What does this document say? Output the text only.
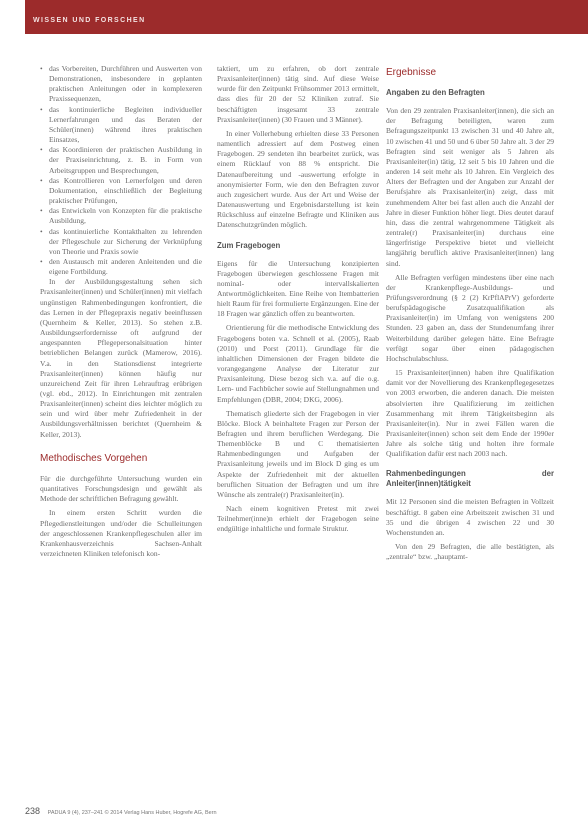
WISSEN UND FORSCHEN
• das Vorbereiten, Durchführen und Auswerten von Demonstrationen, insbesondere in geplanten praktischen Anleitungen oder in komplexeren Praxissequenzen,
• das kontinuierliche Begleiten individueller Lernerfahrungen und das Beraten der Schüler(innen) während ihres praktischen Einsatzes,
• das Koordinieren der praktischen Ausbildung in der Praxiseinrichtung, z. B. in Form von Arbeitsgruppen und Besprechungen,
• das Kontrollieren von Lernerfolgen und deren Dokumentation, einschließlich der Begleitung praktischer Prüfungen,
• das Entwickeln von Konzepten für die praktische Ausbildung,
• das kontinuierliche Kontakthalten zu lehrenden der Pflegeschule zur Sicherung der Verknüpfung von Theorie und Praxis sowie
• den Austausch mit anderen Anleitenden und die eigene Fortbildung.

In der Ausbildungsgestaltung sehen sich Praxisanleiter(innen) und Schüler(innen) mit vielfach ungünstigen Rahmenbedingungen konfrontiert, die das Lernen in der Pflegepraxis negativ beeinflussen (Quernheim & Keller, 2013). So stehen z.B. Ausbildungserfordernisse oft aufgrund der angespannten Pflegepersonalsituation hinter betrieblichen Belangen zurück (Mamerow, 2016). V.a. in den Stationsdienst integrierte Praxisanleiter(innen) können häufig nur unzureichend Zeit für ihren Lehrauftrag erübrigen (vgl. ebd., 2012). In Einrichtungen mit zentralen Praxisanleiter(innen) scheint dies leichter möglich zu sein und wird über mehr Zufriedenheit in der Ausbildungsverhältnissen berichtet (Quernheim & Keller, 2013).

Methodisches Vorgehen

Für die durchgeführte Untersuchung wurden ein quantitatives Forschungsdesign und gewählt als Methode der schriftlichen Befragung gewählt.

In einem ersten Schritt wurden die Pflegedienstleitungen und/oder die Schulleitungen der angeschlossenen Krankenpflegeschulen aller im Krankenhausverzeichnis Sachsen-Anhalt verzeichneten Kliniken telefonisch kon-

taktiert, um zu erfahren, ob dort zentrale Praxisanleiter(innen) tätig sind. Auf diese Weise wurde für den Zeitpunkt Frühsommer 2013 ermittelt, dass dies für 20 der 52 Kliniken zutraf. Sie beschäftigten insgesamt 33 zentrale Praxisanleiter(innen) (30 Frauen und 3 Männer).

In einer Vollerhebung erhielten diese 33 Personen namentlich adressiert auf dem Postweg einen Fragebogen. 29 sendeten ihn bearbeitet zurück, was einem Rücklauf von 88 % entspricht. Die Datenaufbereitung und -auswertung erfolgte in anonymisierter Form, wie den den Befragten zuvor auch zugesichert wurde. Aus der Art und Weise der Datenauswertung und Ergebnisdarstellung ist kein Rückschluss auf einzelne Befragte und Kliniken aus Datenschutzgründen möglich.

Zum Fragebogen

Eigens für die Untersuchung konzipierten Fragebogen überwiegen geschlossene Fragen mit nominal- oder intervallskalierten Antwortmöglichkeiten. Eine Reihe von Itembatterien hielt Raum für frei formulierte Ergänzungen. Eine der 18 Fragen war gänzlich offen zu beantworten.

Orientierung für die methodische Entwicklung des Fragebogens boten v.a. Schnell et al. (2005), Raab (2010) und Porst (2011). Grundlage für die inhaltlichen Dimensionen der Fragen bildete die vorangegangene Analyse der Literatur zur Praxisanleitung. Diese bezog sich v.a. auf die o.g. Lern- und Fachbücher sowie auf Stellungnahmen und Empfehlungen (DBR, 2004; DKG, 2006).

Thematisch gliederte sich der Fragebogen in vier Blöcke. Block A beinhaltete Fragen zur Person der Befragten und ihrem beruflichen Werdegang. Die Themenblöcke B und C thematisierten Rahmenbedingungen und Aufgaben der Praxisanleitung jeweils und im Block D ging es um Aspekte der Zufriedenheit mit der aktuellen beruflichen Situation der Befragten und um ihre Wünsche als zentrale(r) Praxisanleiter(in).

Nach einem kognitiven Pretest mit zwei Teilnehmer(inne)n erhielt der Fragebogen seine endgültige inhaltliche und formale Struktur.

Ergebnisse
Angaben zu den Befragten

Von den 29 zentralen Praxisanleiter(innen), die sich an der Befragung beteiligten, waren zum Befragungszeitpunkt 13 zwischen 31 und 40 Jahre alt, 10 zwischen 41 und 50 und 6 über 50 Jahre alt. 3 der 29 Befragten sind seit weniger als 5 Jahren als Praxisanleiter(in) tätig, 12 seit 5 bis 10 Jahren und die anderen 14 seit mehr als 10 Jahren. Ein Vergleich des Alters der Befragten und der Angaben zur Anzahl der Berufsjahre als Praxisanleiter(in) zeigt, dass mit zunehmendem Alter bei fast allen auch die Anzahl der Jahre in dieser Funktion höher liegt. Dies deutet darauf hin, dass die zentral wahrgenommene Tätigkeit als zentrale(r) Praxisanleiter(in) durchaus eine längerfristige Perspektive bietet und vielleicht langjährig beruflich aktive Praxisanleiter(innen) lang sind.

Alle Befragten verfügen mindestens über eine nach der Krankenpflege-Ausbildungs- und Prüfungsverordnung (§ 2 (2) KrPflAPrV) geforderte berufspädagogische Zusatzqualifikation als Praxisanleiter(in) im Umfang von wenigstens 200 Stunden. 23 gaben an, dass der Stundenumfang ihrer Weiterbildung darüber gelegen hätte. Eine Befragte verfügt sogar über einen pädagogischen Hochschulabschluss.

15 Praxisanleiter(innen) haben ihre Qualifikation damit vor der Novellierung des Krankenpflegegesetzes von 2003 erworben, die anderen danach. Die meisten absolvierten ihre Qualifizierung im zeitlichen Zusammenhang mit ihrem Tätigkeitsbeginn als Praxisanleiter(in). Nur in zwei Fällen waren die Praxisanleiter(innen) schon seit dem Ende der 1990er Jahre als solche tätig und holten ihre formale Qualifikation dafür erst nach 2003 nach.

Rahmenbedingungen der Anleiter(innen)tätigkeit

Mit 12 Personen sind die meisten Befragten in Vollzeit beschäftigt. 8 gaben eine Arbeitszeit zwischen 31 und 35 und die übrigen 4 zwischen 22 und 30 Wochenstunden an.

Von den 29 Befragten, die alle bestätigten, als „zentrale“ bzw. „hauptamt-

238 PADUA 9 (4), 237–241 © 2014 Verlag Hans Huber, Hogrefe AG, Bern
